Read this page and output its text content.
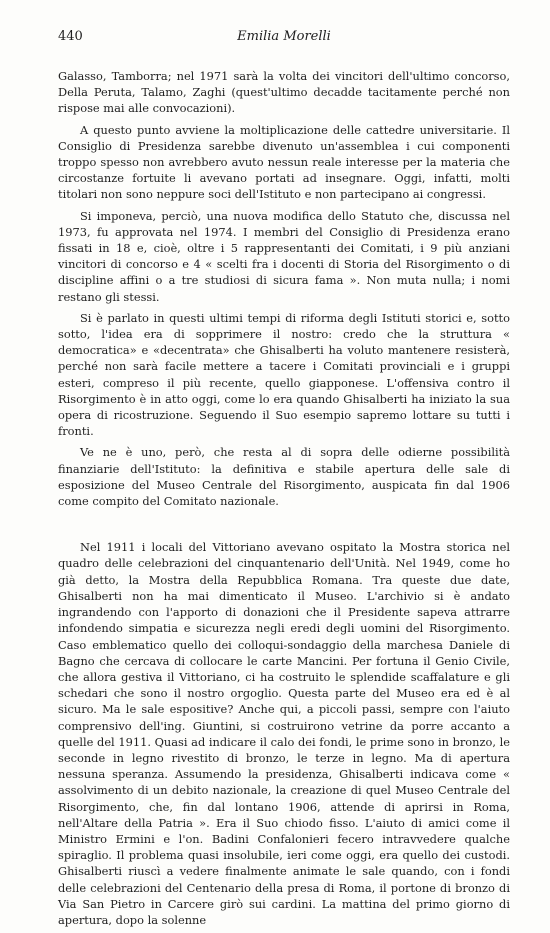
440	Emilia Morelli

Galasso, Tamborra; nel 1971 sarà la volta dei vincitori dell'ultimo concorso, Della Peruta, Talamo, Zaghi (quest'ultimo decadde tacitamente perché non rispose mai alle convocazioni).

A questo punto avviene la moltiplicazione delle cattedre universitarie. Il Consiglio di Presidenza sarebbe divenuto un'assemblea i cui componenti troppo spesso non avrebbero avuto nessun reale interesse per la materia che circostanze fortuite li avevano portati ad insegnare. Oggi, infatti, molti titolari non sono neppure soci dell'Istituto e non partecipano ai congressi.

Si imponeva, perciò, una nuova modifica dello Statuto che, discussa nel 1973, fu approvata nel 1974. I membri del Consiglio di Presidenza erano fissati in 18 e, cioè, oltre i 5 rappresentanti dei Comitati, i 9 più anziani vincitori di concorso e 4 « scelti fra i docenti di Storia del Risorgimento o di discipline affini o a tre studiosi di sicura fama ». Non muta nulla; i nomi restano gli stessi.

Si è parlato in questi ultimi tempi di riforma degli Istituti storici e, sotto sotto, l'idea era di sopprimere il nostro: credo che la struttura « democratica» e «decentrata» che Ghisalberti ha voluto mantenere resisterà, perché non sarà facile mettere a tacere i Comitati provinciali e i gruppi esteri, compreso il più recente, quello giapponese. L'offensiva contro il Risorgimento è in atto oggi, come lo era quando Ghisalberti ha iniziato la sua opera di ricostruzione. Seguendo il Suo esempio sapremo lottare su tutti i fronti.

Ve ne è uno, però, che resta al di sopra delle odierne possibilità finanziarie dell'Istituto: la definitiva e stabile apertura delle sale di esposizione del Museo Centrale del Risorgimento, auspicata fin dal 1906 come compito del Comitato nazionale.

Nel 1911 i locali del Vittoriano avevano ospitato la Mostra storica nel quadro delle celebrazioni del cinquantenario dell'Unità. Nel 1949, come ho già detto, la Mostra della Repubblica Romana. Tra queste due date, Ghisalberti non ha mai dimenticato il Museo. L'archivio si è andato ingrandendo con l'apporto di donazioni che il Presidente sapeva attrarre infondendo simpatia e sicurezza negli eredi degli uomini del Risorgimento. Caso emblematico quello dei colloqui-sondaggio della marchesa Daniele di Bagno che cercava di collocare le carte Mancini. Per fortuna il Genio Civile, che allora gestiva il Vittoriano, ci ha costruito le splendide scaffalature e gli schedari che sono il nostro orgoglio. Questa parte del Museo era ed è al sicuro. Ma le sale espositive? Anche qui, a piccoli passi, sempre con l'aiuto comprensivo dell'ing. Giuntini, si costruirono vetrine da porre accanto a quelle del 1911. Quasi ad indicare il calo dei fondi, le prime sono in bronzo, le seconde in legno rivestito di bronzo, le terze in legno. Ma di apertura nessuna speranza. Assumendo la presidenza, Ghisalberti indicava come « assolvimento di un debito nazionale, la creazione di quel Museo Centrale del Risorgimento, che, fin dal lontano 1906, attende di aprirsi in Roma, nell'Altare della Patria ». Era il Suo chiodo fisso. L'aiuto di amici come il Ministro Ermini e l'on. Badini Confalonieri fecero intravvedere qualche spiraglio. Il problema quasi insolubile, ieri come oggi, era quello dei custodi. Ghisalberti riuscì a vedere finalmente animate le sale quando, con i fondi delle celebrazioni del Centenario della presa di Roma, il portone di bronzo di Via San Pietro in Carcere girò sui cardini. La mattina del primo giorno di apertura, dopo la solenne
